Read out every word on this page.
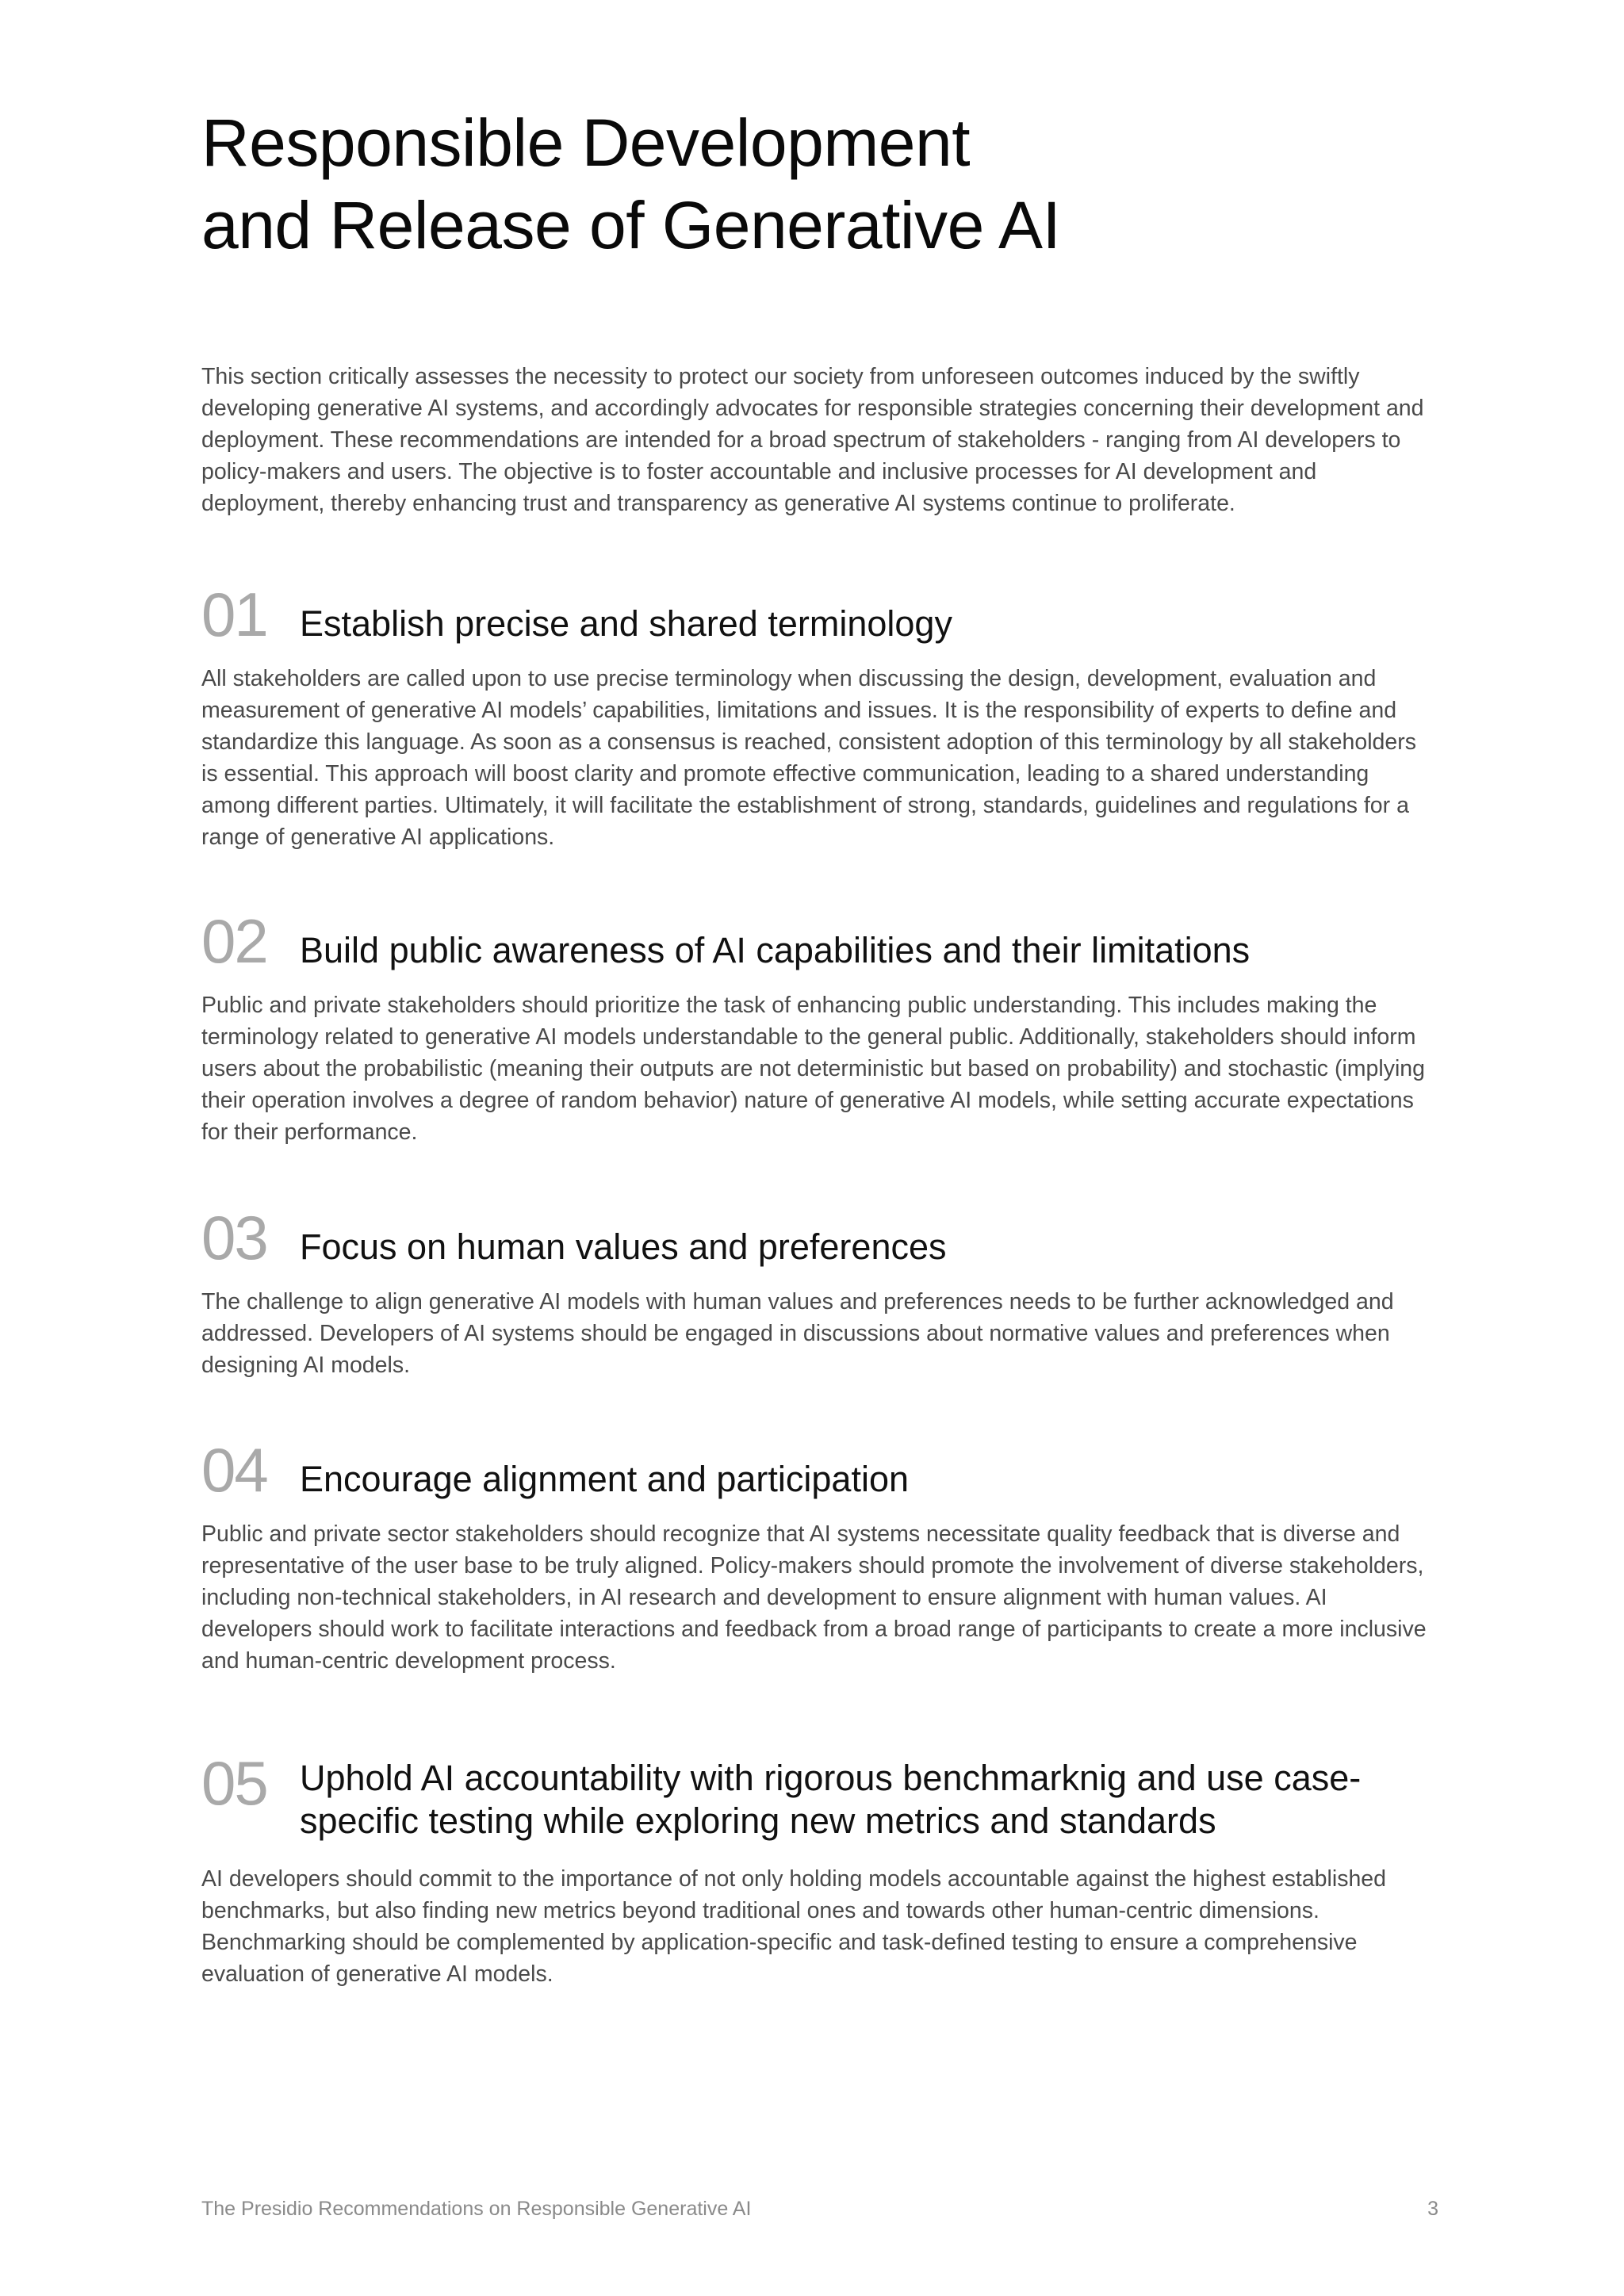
Responsible Development
and Release of Generative AI

This section critically assesses the necessity to protect our society from unforeseen outcomes induced by the swiftly developing generative AI systems, and accordingly advocates for responsible strategies concerning their development and deployment. These recommendations are intended for a broad spectrum of stakeholders - ranging from AI developers to policy-makers and users. The objective is to foster accountable and inclusive processes for AI development and deployment, thereby enhancing trust and transparency as generative AI systems continue to proliferate.

01 Establish precise and shared terminology

All stakeholders are called upon to use precise terminology when discussing the design, development, evaluation and measurement of generative AI models’ capabilities, limitations and issues. It is the responsibility of experts to define and standardize this language. As soon as a consensus is reached, consistent adoption of this terminology by all stakeholders is essential. This approach will boost clarity and promote effective communication, leading to a shared understanding among different parties. Ultimately, it will facilitate the establishment of strong, standards, guidelines and regulations for a range of generative AI applications.

02 Build public awareness of AI capabilities and their limitations

Public and private stakeholders should prioritize the task of enhancing public understanding. This includes making the terminology related to generative AI models understandable to the general public. Additionally, stakeholders should inform users about the probabilistic (meaning their outputs are not deterministic but based on probability) and stochastic (implying their operation involves a degree of random behavior) nature of generative AI models, while setting accurate expectations for their performance.

03 Focus on human values and preferences

The challenge to align generative AI models with human values and preferences needs to be further acknowledged and addressed. Developers of AI systems should be engaged in discussions about normative values and preferences when designing AI models.

04 Encourage alignment and participation

Public and private sector stakeholders should recognize that AI systems necessitate quality feedback that is diverse and representative of the user base to be truly aligned. Policy-makers should promote the involvement of diverse stakeholders, including non-technical stakeholders, in AI research and development to ensure alignment with human values. AI developers should work to facilitate interactions and feedback from a broad range of participants to create a more inclusive and human-centric development process.

05 Uphold AI accountability with rigorous benchmarknig and use case-specific testing while exploring new metrics and standards

AI developers should commit to the importance of not only holding models accountable against the highest established benchmarks, but also finding new metrics beyond traditional ones and towards other human-centric dimensions. Benchmarking should be complemented by application-specific and task-defined testing to ensure a comprehensive evaluation of generative AI models.

The Presidio Recommendations on Responsible Generative AI	3
